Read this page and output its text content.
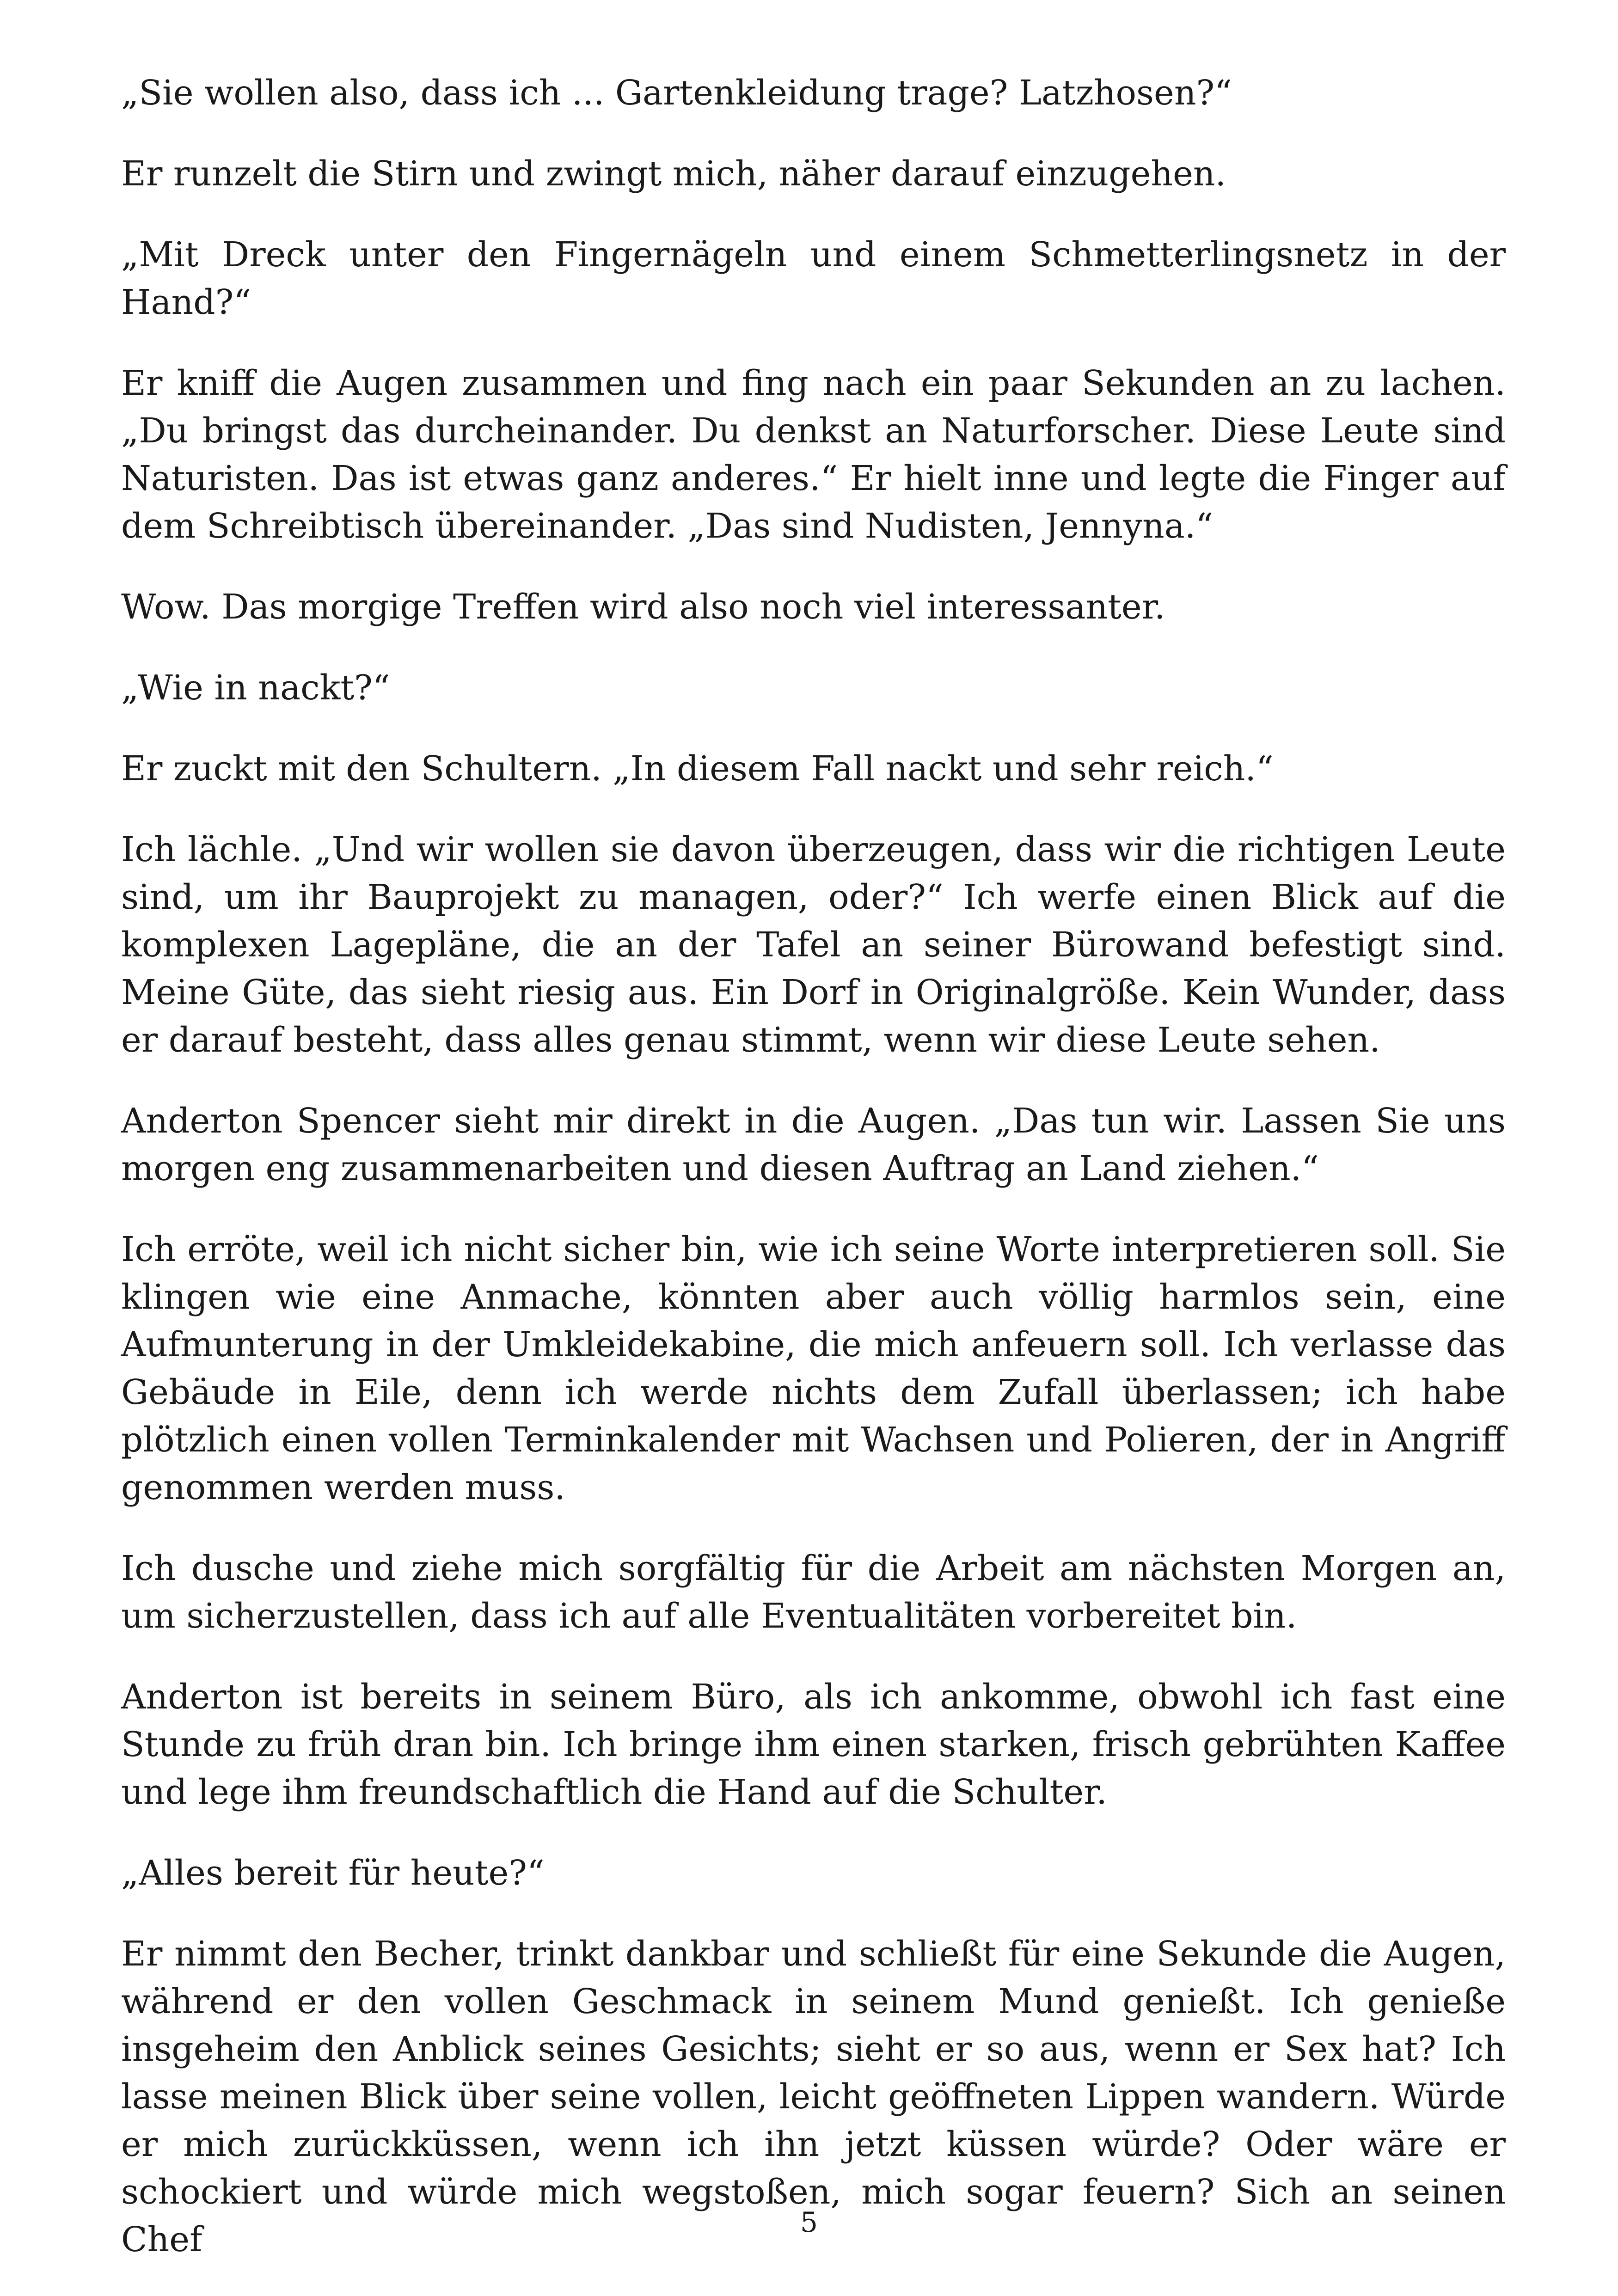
„Sie wollen also, dass ich ... Gartenkleidung trage? Latzhosen?“

Er runzelt die Stirn und zwingt mich, näher darauf einzugehen.

„Mit Dreck unter den Fingernägeln und einem Schmetterlingsnetz in der Hand?“

Er kniff die Augen zusammen und fing nach ein paar Sekunden an zu lachen. „Du bringst das durcheinander. Du denkst an Naturforscher. Diese Leute sind Naturisten. Das ist etwas ganz anderes.“ Er hielt inne und legte die Finger auf dem Schreibtisch übereinander. „Das sind Nudisten, Jennyna.“

Wow. Das morgige Treffen wird also noch viel interessanter.

„Wie in nackt?“

Er zuckt mit den Schultern. „In diesem Fall nackt und sehr reich.“

Ich lächle. „Und wir wollen sie davon überzeugen, dass wir die richtigen Leute sind, um ihr Bauprojekt zu managen, oder?“ Ich werfe einen Blick auf die komplexen Lagepläne, die an der Tafel an seiner Bürowand befestigt sind. Meine Güte, das sieht riesig aus. Ein Dorf in Originalgröße. Kein Wunder, dass er darauf besteht, dass alles genau stimmt, wenn wir diese Leute sehen.

Anderton Spencer sieht mir direkt in die Augen. „Das tun wir. Lassen Sie uns morgen eng zusammenarbeiten und diesen Auftrag an Land ziehen.“

Ich erröte, weil ich nicht sicher bin, wie ich seine Worte interpretieren soll. Sie klingen wie eine Anmache, könnten aber auch völlig harmlos sein, eine Aufmunterung in der Umkleidekabine, die mich anfeuern soll. Ich verlasse das Gebäude in Eile, denn ich werde nichts dem Zufall überlassen; ich habe plötzlich einen vollen Terminkalender mit Wachsen und Polieren, der in Angriff genommen werden muss.

Ich dusche und ziehe mich sorgfältig für die Arbeit am nächsten Morgen an, um sicherzustellen, dass ich auf alle Eventualitäten vorbereitet bin.

Anderton ist bereits in seinem Büro, als ich ankomme, obwohl ich fast eine Stunde zu früh dran bin. Ich bringe ihm einen starken, frisch gebrühten Kaffee und lege ihm freundschaftlich die Hand auf die Schulter.

„Alles bereit für heute?“

Er nimmt den Becher, trinkt dankbar und schließt für eine Sekunde die Augen, während er den vollen Geschmack in seinem Mund genießt. Ich genieße insgeheim den Anblick seines Gesichts; sieht er so aus, wenn er Sex hat? Ich lasse meinen Blick über seine vollen, leicht geöffneten Lippen wandern. Würde er mich zurückküssen, wenn ich ihn jetzt küssen würde? Oder wäre er schockiert und würde mich wegstoßen, mich sogar feuern? Sich an seinen Chef	5
